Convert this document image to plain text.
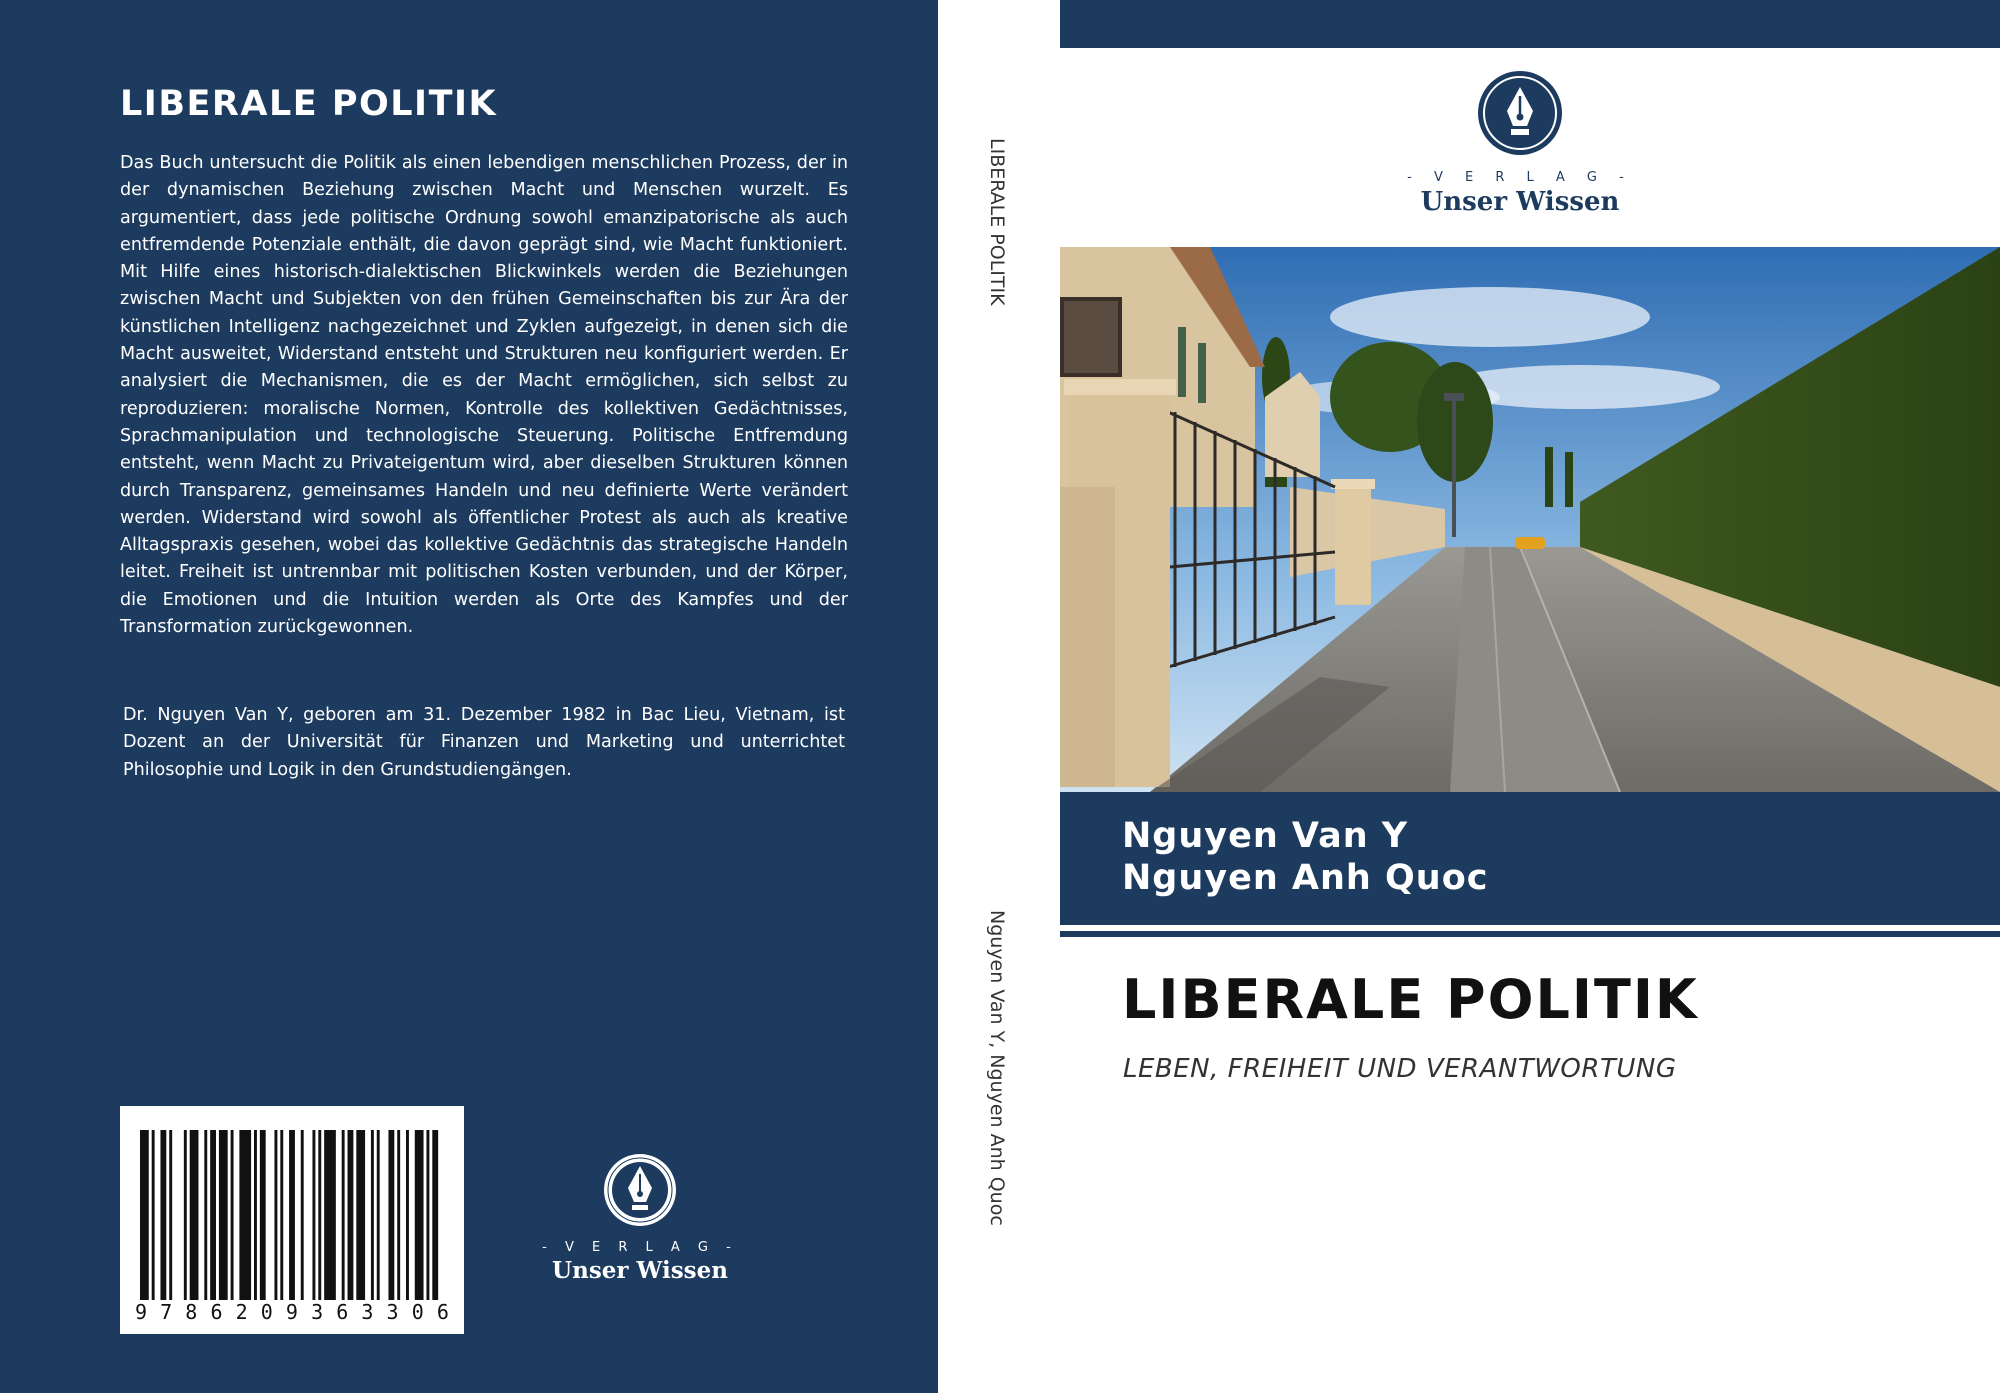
LIBERALE POLITIK

Das Buch untersucht die Politik als einen lebendigen menschlichen Prozess, der in der dynamischen Beziehung zwischen Macht und Menschen wurzelt. Es argumentiert, dass jede politische Ordnung sowohl emanzipatorische als auch entfremdende Potenziale enthält, die davon geprägt sind, wie Macht funktioniert. Mit Hilfe eines historisch-dialektischen Blickwinkels werden die Beziehungen zwischen Macht und Subjekten von den frühen Gemeinschaften bis zur Ära der künstlichen Intelligenz nachgezeichnet und Zyklen aufgezeigt, in denen sich die Macht ausweitet, Widerstand entsteht und Strukturen neu konfiguriert werden. Er analysiert die Mechanismen, die es der Macht ermöglichen, sich selbst zu reproduzieren: moralische Normen, Kontrolle des kollektiven Gedächtnisses, Sprachmanipulation und technologische Steuerung. Politische Entfremdung entsteht, wenn Macht zu Privateigentum wird, aber dieselben Strukturen können durch Transparenz, gemeinsames Handeln und neu definierte Werte verändert werden. Widerstand wird sowohl als öffentlicher Protest als auch als kreative Alltagspraxis gesehen, wobei das kollektive Gedächtnis das strategische Handeln leitet. Freiheit ist untrennbar mit politischen Kosten verbunden, und der Körper, die Emotionen und die Intuition werden als Orte des Kampfes und der Transformation zurückgewonnen.

Dr. Nguyen Van Y, geboren am 31. Dezember 1982 in Bac Lieu, Vietnam, ist Dozent an der Universität für Finanzen und Marketing und unterrichtet Philosophie und Logik in den Grundstudiengängen.

9 7 8 6 2 0 9 3 6 3 3 0 6
- V E R L A G -
Unser Wissen
LIBERALE POLITIK
Nguyen Van Y, Nguyen Anh Quoc
- V E R L A G -
Unser Wissen
Nguyen Van Y
Nguyen Anh Quoc
LIBERALE POLITIK
LEBEN, FREIHEIT UND VERANTWORTUNG
